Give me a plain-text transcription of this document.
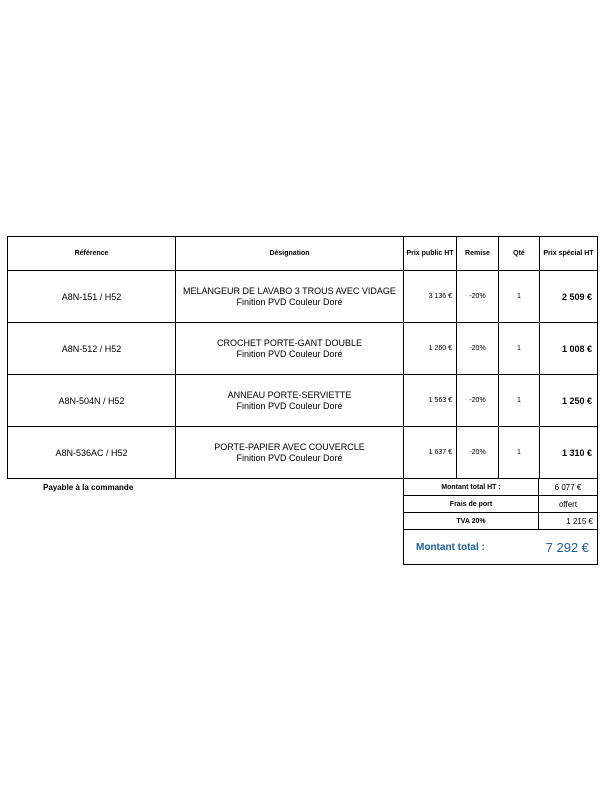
Référence	Désignation	Prix public HT	Remise	Qté	Prix spécial HT
A8N-151 / H52	MELANGEUR DE LAVABO 3 TROUS AVEC VIDAGE
Finition PVD Couleur Doré	3 136 €	-20%	1	2 509 €
A8N-512 / H52	CROCHET PORTE-GANT DOUBLE
Finition PVD Couleur Doré	1 260 €	-20%	1	1 008 €
A8N-504N / H52	ANNEAU PORTE-SERVIETTE
Finition PVD Couleur Doré	1 563 €	-20%	1	1 250 €
A8N-536AC / H52	PORTE-PAPIER AVEC COUVERCLE
Finition PVD Couleur Doré	1 637 €	-20%	1	1 310 €
Payable à la commande	Montant total HT :	6 077 €
Frais de port	offert
TVA 20%	1 215 €
Montant total :	7 292 €
